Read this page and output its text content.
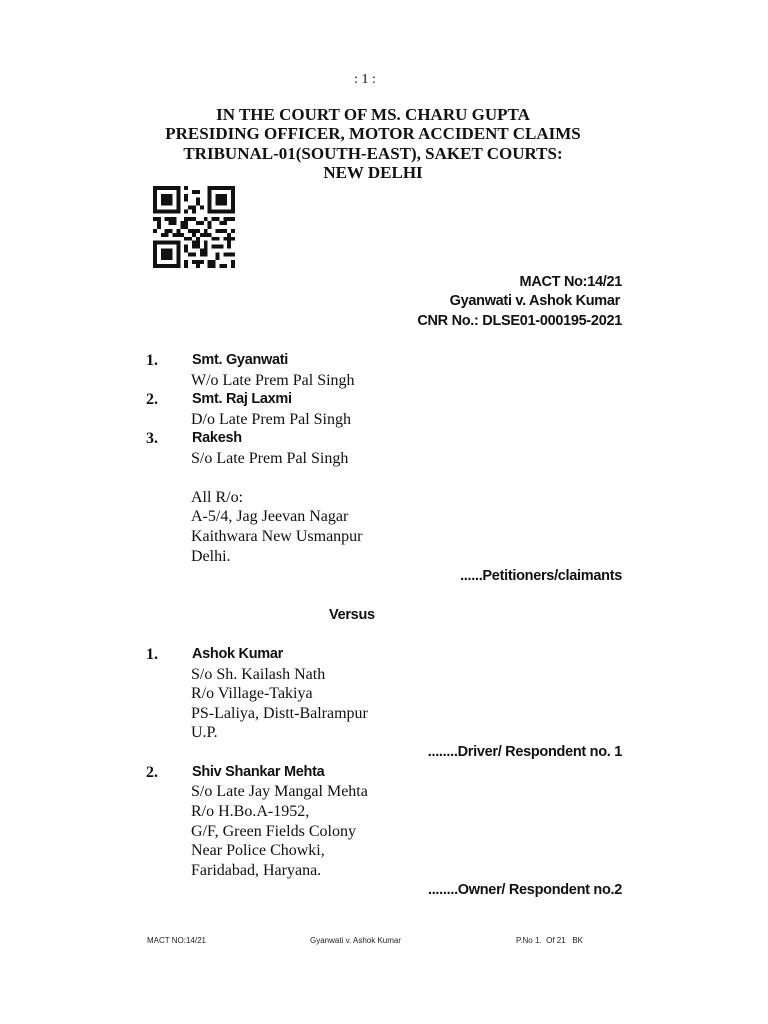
: 1 :
IN THE COURT OF MS. CHARU GUPTA
PRESIDING OFFICER, MOTOR ACCIDENT CLAIMS
TRIBUNAL-01(SOUTH-EAST), SAKET COURTS:
NEW DELHI
MACT No:14/21
Gyanwati v. Ashok Kumar
CNR No.: DLSE01-000195-2021
1. Smt. Gyanwati
W/o Late Prem Pal Singh
2. Smt. Raj Laxmi
D/o Late Prem Pal Singh
3. Rakesh
S/o Late Prem Pal Singh
All R/o:
A-5/4, Jag Jeevan Nagar
Kaithwara New Usmanpur
Delhi.
......Petitioners/claimants
Versus
1. Ashok Kumar
S/o Sh. Kailash Nath
R/o Village-Takiya
PS-Laliya, Distt-Balrampur
U.P.
........Driver/ Respondent no. 1
2. Shiv Shankar Mehta
S/o Late Jay Mangal Mehta
R/o H.Bo.A-1952,
G/F, Green Fields Colony
Near Police Chowki,
Faridabad, Haryana.
........Owner/ Respondent no.2
MACT NO:14/21	Gyanwati v. Ashok Kumar	P.No 1.  Of 21   BK
